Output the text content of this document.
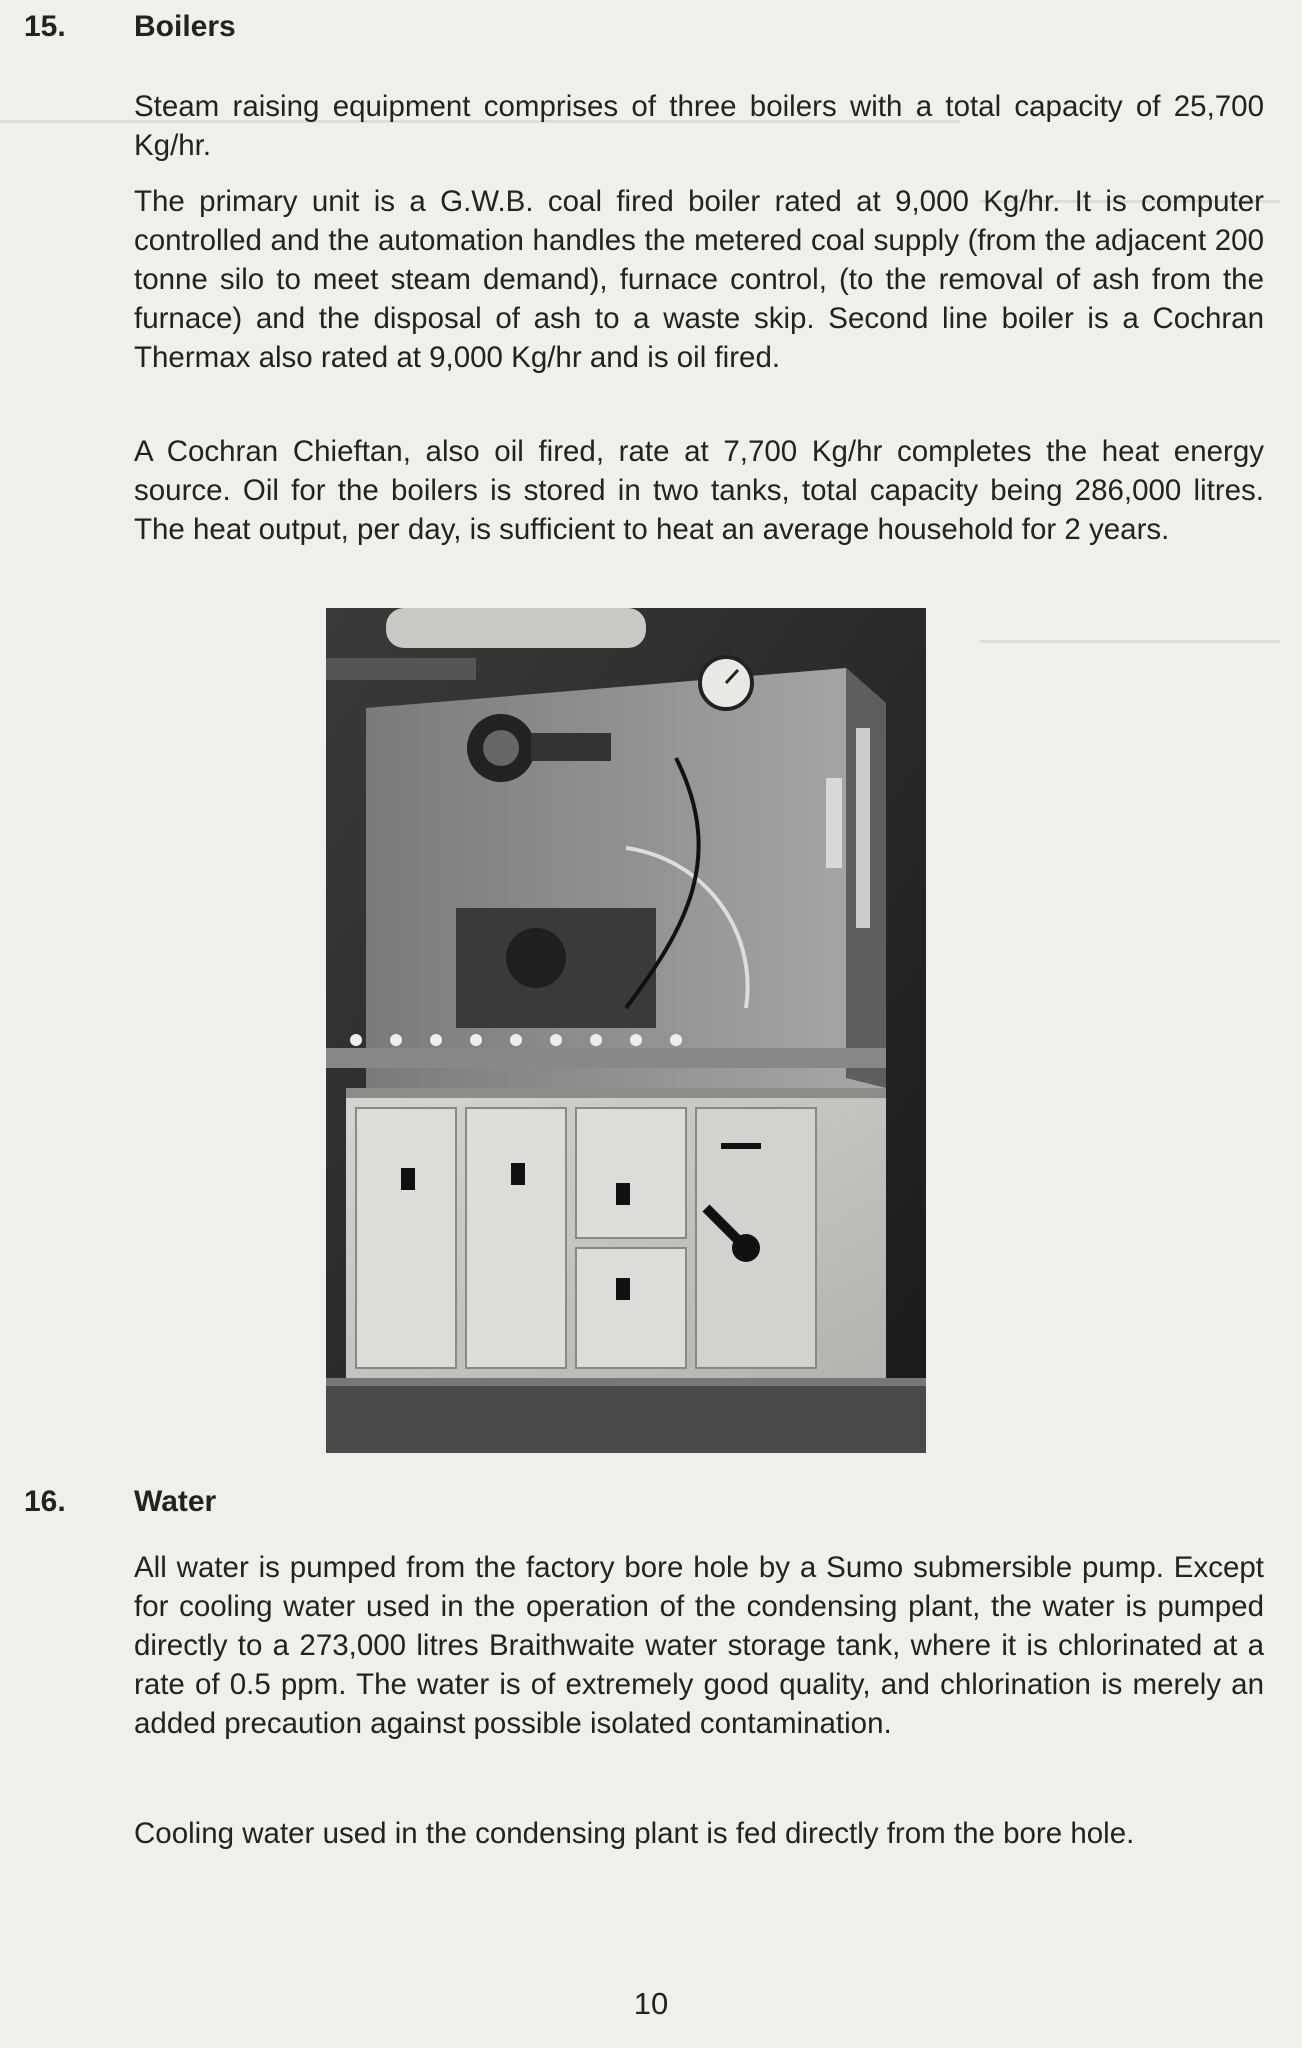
15. Boilers

Steam raising equipment comprises of three boilers with a total capacity of 25,700 Kg/hr.

The primary unit is a G.W.B. coal fired boiler rated at 9,000 Kg/hr. It is computer controlled and the automation handles the metered coal supply (from the adjacent 200 tonne silo to meet steam demand), furnace control, (to the removal of ash from the furnace) and the disposal of ash to a waste skip. Second line boiler is a Cochran Thermax also rated at 9,000 Kg/hr and is oil fired.

A Cochran Chieftan, also oil fired, rate at 7,700 Kg/hr completes the heat energy source. Oil for the boilers is stored in two tanks, total capacity being 286,000 litres. The heat output, per day, is sufficient to heat an average household for 2 years.

16. Water

All water is pumped from the factory bore hole by a Sumo submersible pump. Except for cooling water used in the operation of the condensing plant, the water is pumped directly to a 273,000 litres Braithwaite water storage tank, where it is chlorinated at a rate of 0.5 ppm. The water is of extremely good quality, and chlorination is merely an added precaution against possible isolated contamination.

Cooling water used in the condensing plant is fed directly from the bore hole.

10
